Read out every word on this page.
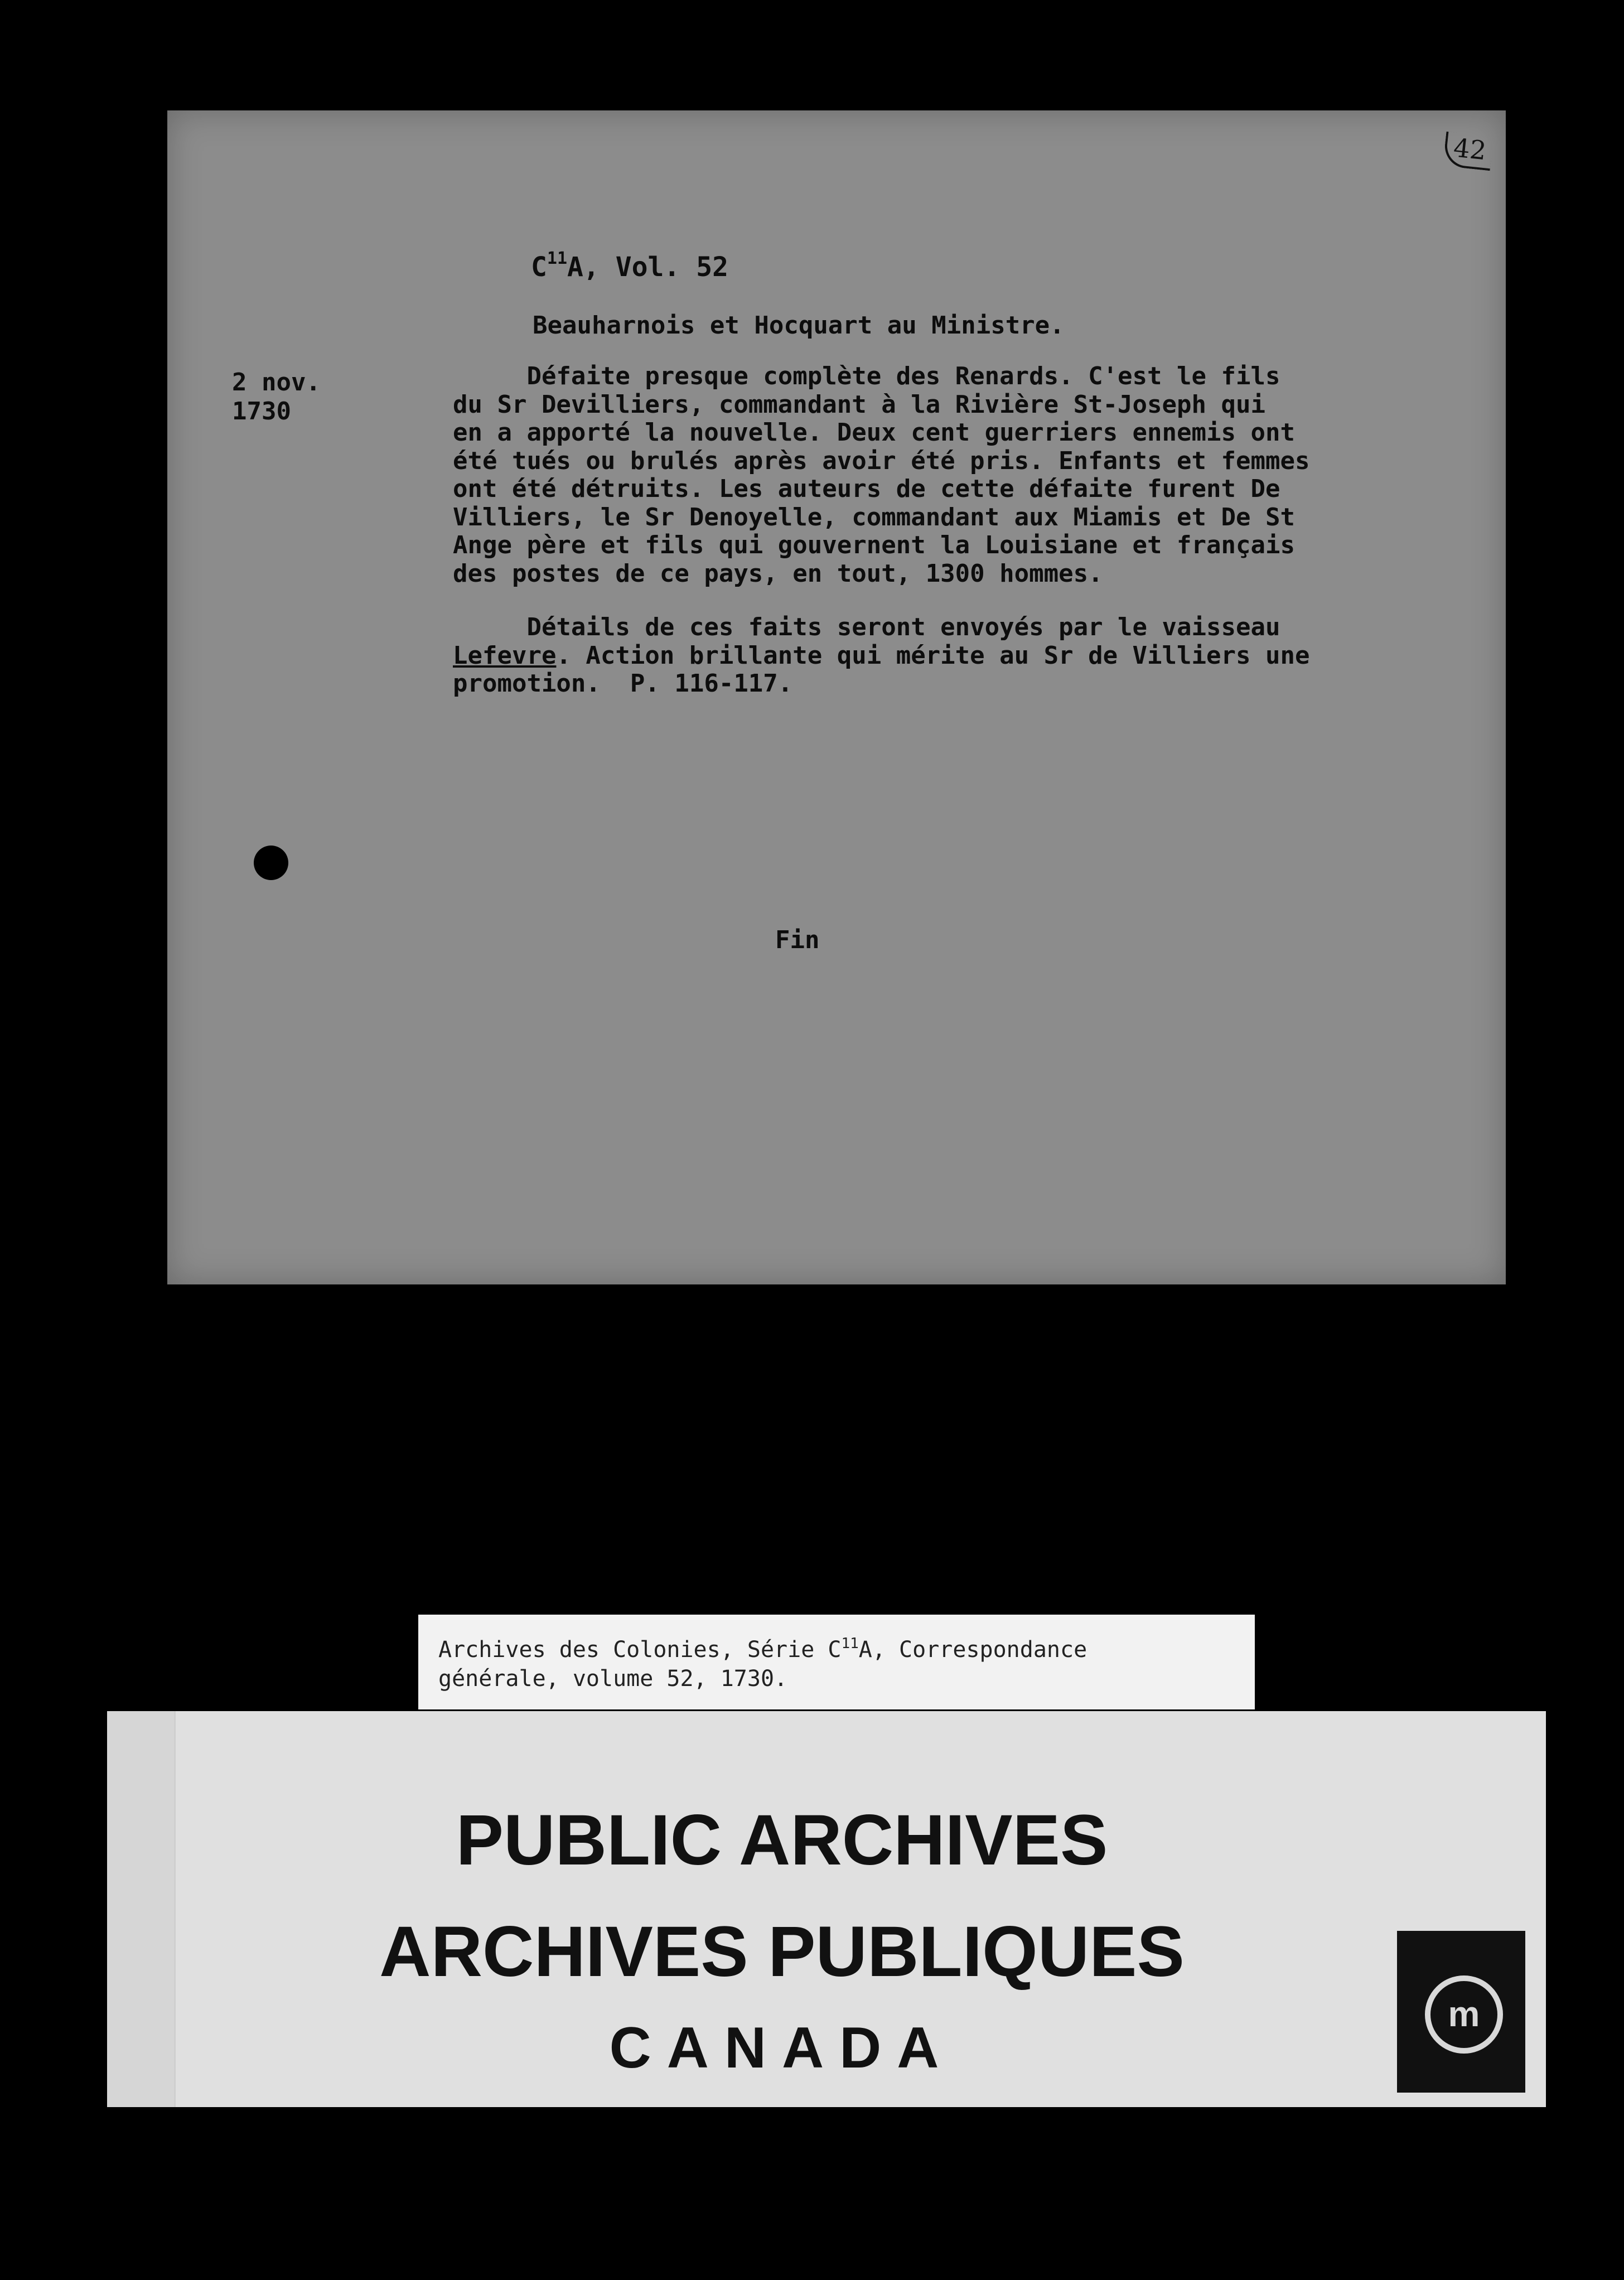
42
$C^{11}A$, Vol. 52
Beauharnois et Hocquart au Ministre.
2 nov.
1730
Défaite presque complète des Renards. C'est le fils
du Sr Devilliers, commandant à la Rivière St-Joseph qui
en a apporté la nouvelle. Deux cent guerriers ennemis ont
été tués ou brulés après avoir été pris. Enfants et femmes
ont été détruits. Les auteurs de cette défaite furent De
Villiers, le Sr Denoyelle, commandant aux Miamis et De St
Ange père et fils qui gouvernent la Louisiane et français
des postes de ce pays, en tout, 1300 hommes.
Détails de ces faits seront envoyés par le vaisseau
Lefevre. Action brillante qui mérite au Sr de Villiers une
promotion.  P. 116-117.
Fin
Archives des Colonies, Série $C^{11}A$, Correspondance
générale, volume 52, 1730.
PUBLIC ARCHIVES
ARCHIVES PUBLIQUES
CANADA
m
